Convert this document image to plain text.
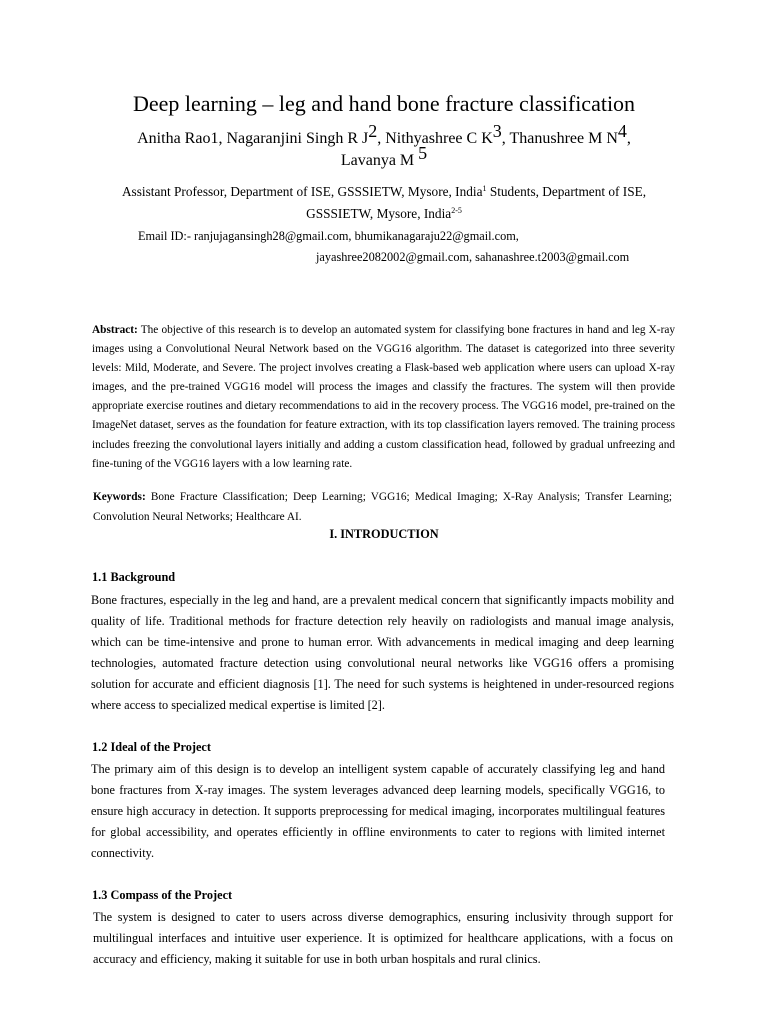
Deep learning – leg and hand bone fracture classification
Anitha Rao1, Nagaranjini Singh R $J^2$, Nithyashree C $K^3$, Thanushree M $N^4$,
Lavanya M $^5$
Assistant Professor, Department of ISE, GSSSIETW, Mysore, India$^1$ Students, Department of ISE,
GSSSIETW, Mysore, India$^{2-5}$
Email ID:- ranjujagansingh28@gmail.com, bhumikanagaraju22@gmail.com,
jayashree2082002@gmail.com, sahanashree.t2003@gmail.com
Abstract: The objective of this research is to develop an automated system for classifying bone fractures in hand and leg X-ray images using a Convolutional Neural Network based on the VGG16 algorithm. The dataset is categorized into three severity levels: Mild, Moderate, and Severe. The project involves creating a Flask-based web application where users can upload X-ray images, and the pre-trained VGG16 model will process the images and classify the fractures. The system will then provide appropriate exercise routines and dietary recommendations to aid in the recovery process. The VGG16 model, pre-trained on the ImageNet dataset, serves as the foundation for feature extraction, with its top classification layers removed. The training process includes freezing the convolutional layers initially and adding a custom classification head, followed by gradual unfreezing and fine-tuning of the VGG16 layers with a low learning rate.
Keywords: Bone Fracture Classification; Deep Learning; VGG16; Medical Imaging; X-Ray Analysis; Transfer Learning; Convolution Neural Networks; Healthcare AI.
I. INTRODUCTION
1.1 Background
Bone fractures, especially in the leg and hand, are a prevalent medical concern that significantly impacts mobility and quality of life. Traditional methods for fracture detection rely heavily on radiologists and manual image analysis, which can be time-intensive and prone to human error. With advancements in medical imaging and deep learning technologies, automated fracture detection using convolutional neural networks like VGG16 offers a promising solution for accurate and efficient diagnosis [1]. The need for such systems is heightened in under-resourced regions where access to specialized medical expertise is limited [2].
1.2 Ideal of the Project
The primary aim of this design is to develop an intelligent system capable of accurately classifying leg and hand bone fractures from X-ray images. The system leverages advanced deep learning models, specifically VGG16, to ensure high accuracy in detection. It supports preprocessing for medical imaging, incorporates multilingual features for global accessibility, and operates efficiently in offline environments to cater to regions with limited internet connectivity.
1.3 Compass of the Project
The system is designed to cater to users across diverse demographics, ensuring inclusivity through support for multilingual interfaces and intuitive user experience. It is optimized for healthcare applications, with a focus on accuracy and efficiency, making it suitable for use in both urban hospitals and rural clinics.
